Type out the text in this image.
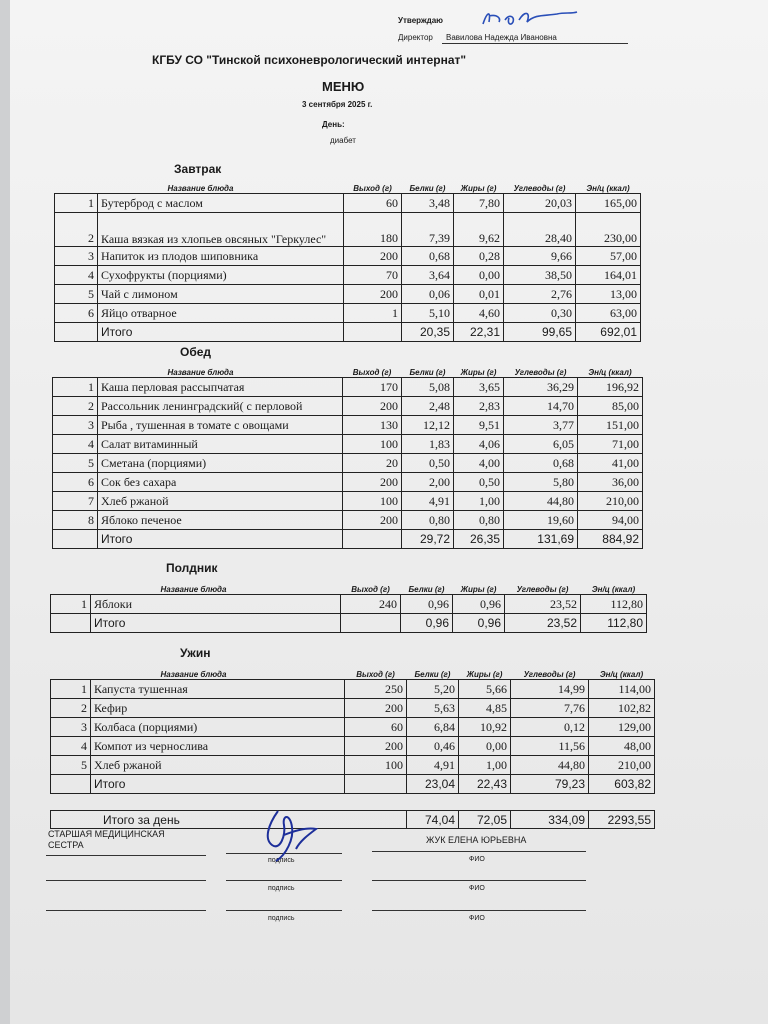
Утверждаю
Директор Вавилова Надежда Ивановна
КГБУ СО "Тинской психоневрологический интернат"
МЕНЮ
3 сентября 2025 г.
День:
диабет
Завтрак
	Название блюда	Выход (г)	Белки (г)	Жиры (г)	Углеводы (г)	Эн/ц (ккал)
1	Бутерброд с маслом	60	3,48	7,80	20,03	165,00
2	Каша вязкая из хлопьев овсяных "Геркулес"	180	7,39	9,62	28,40	230,00
3	Напиток из плодов шиповника	200	0,68	0,28	9,66	57,00
4	Сухофрукты (порциями)	70	3,64	0,00	38,50	164,01
5	Чай с лимоном	200	0,06	0,01	2,76	13,00
6	Яйцо отварное	1	5,10	4,60	0,30	63,00
	Итого		20,35	22,31	99,65	692,01
Обед
	Название блюда	Выход (г)	Белки (г)	Жиры (г)	Углеводы (г)	Эн/ц (ккал)
1	Каша перловая рассыпчатая	170	5,08	3,65	36,29	196,92
2	Рассольник ленинградский( с перловой	200	2,48	2,83	14,70	85,00
3	Рыба , тушенная в томате с овощами	130	12,12	9,51	3,77	151,00
4	Салат витаминный	100	1,83	4,06	6,05	71,00
5	Сметана (порциями)	20	0,50	4,00	0,68	41,00
6	Сок без сахара	200	2,00	0,50	5,80	36,00
7	Хлеб ржаной	100	4,91	1,00	44,80	210,00
8	Яблоко печеное	200	0,80	0,80	19,60	94,00
	Итого		29,72	26,35	131,69	884,92
Полдник
	Название блюда	Выход (г)	Белки (г)	Жиры (г)	Углеводы (г)	Эн/ц (ккал)
1	Яблоки	240	0,96	0,96	23,52	112,80
	Итого		0,96	0,96	23,52	112,80
Ужин
	Название блюда	Выход (г)	Белки (г)	Жиры (г)	Углеводы (г)	Эн/ц (ккал)
1	Капуста тушенная	250	5,20	5,66	14,99	114,00
2	Кефир	200	5,63	4,85	7,76	102,82
3	Колбаса (порциями)	60	6,84	10,92	0,12	129,00
4	Компот из чернослива	200	0,46	0,00	11,56	48,00
5	Хлеб ржаной	100	4,91	1,00	44,80	210,00
	Итого		23,04	22,43	79,23	603,82
Итого за день	74,04	72,05	334,09	2293,55
СТАРШАЯ МЕДИЦИНСКАЯ
СЕСТРА
подпись
ЖУК ЕЛЕНА ЮРЬЕВНА
ФИО
подпись	ФИО
подпись	ФИО
